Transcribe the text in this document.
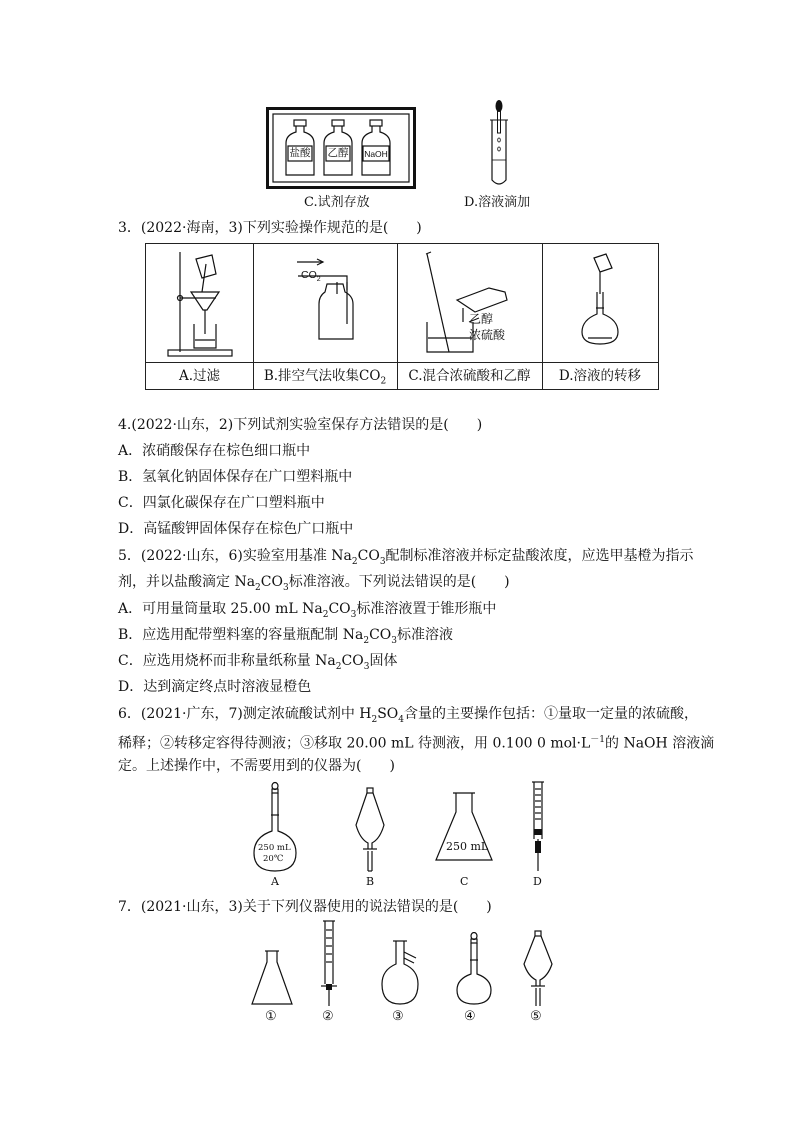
盐酸 乙醇 NaOH
C.试剂存放	D.溶液滴加
3．(2022·海南，3)下列实验操作规范的是(　　)
$CO_2$
乙醇
浓硫酸
A.过滤	B.排空气法收集$CO_2$	C.混合浓硫酸和乙醇	D.溶液的转移
4.(2022·山东，2)下列试剂实验室保存方法错误的是(　　)
A．浓硝酸保存在棕色细口瓶中
B．氢氧化钠固体保存在广口塑料瓶中
C．四氯化碳保存在广口塑料瓶中
D．高锰酸钾固体保存在棕色广口瓶中
5．(2022·山东，6)实验室用基准 $Na_2CO_3$配制标准溶液并标定盐酸浓度，应选甲基橙为指示
剂，并以盐酸滴定 $Na_2CO_3$标准溶液。下列说法错误的是(　　)
A．可用量筒量取 25.00 mL $Na_2CO_3$标准溶液置于锥形瓶中
B．应选用配带塑料塞的容量瓶配制 $Na_2CO_3$标准溶液
C．应选用烧杯而非称量纸称量 $Na_2CO_3$固体
D．达到滴定终点时溶液显橙色
6．(2021·广东，7)测定浓硫酸试剂中 $H_2SO_4$含量的主要操作包括：①量取一定量的浓硫酸，
稀释；②转移定容得待测液；③移取 20.00 mL 待测液，用 0.100 0 $mol\cdot L^{-1}$的 NaOH 溶液滴
定。上述操作中，不需要用到的仪器为(　　)
250 mL
20℃
A	B
250 mL
C	D
7．(2021·山东，3)关于下列仪器使用的说法错误的是(　　)
①	②	③	④	⑤
